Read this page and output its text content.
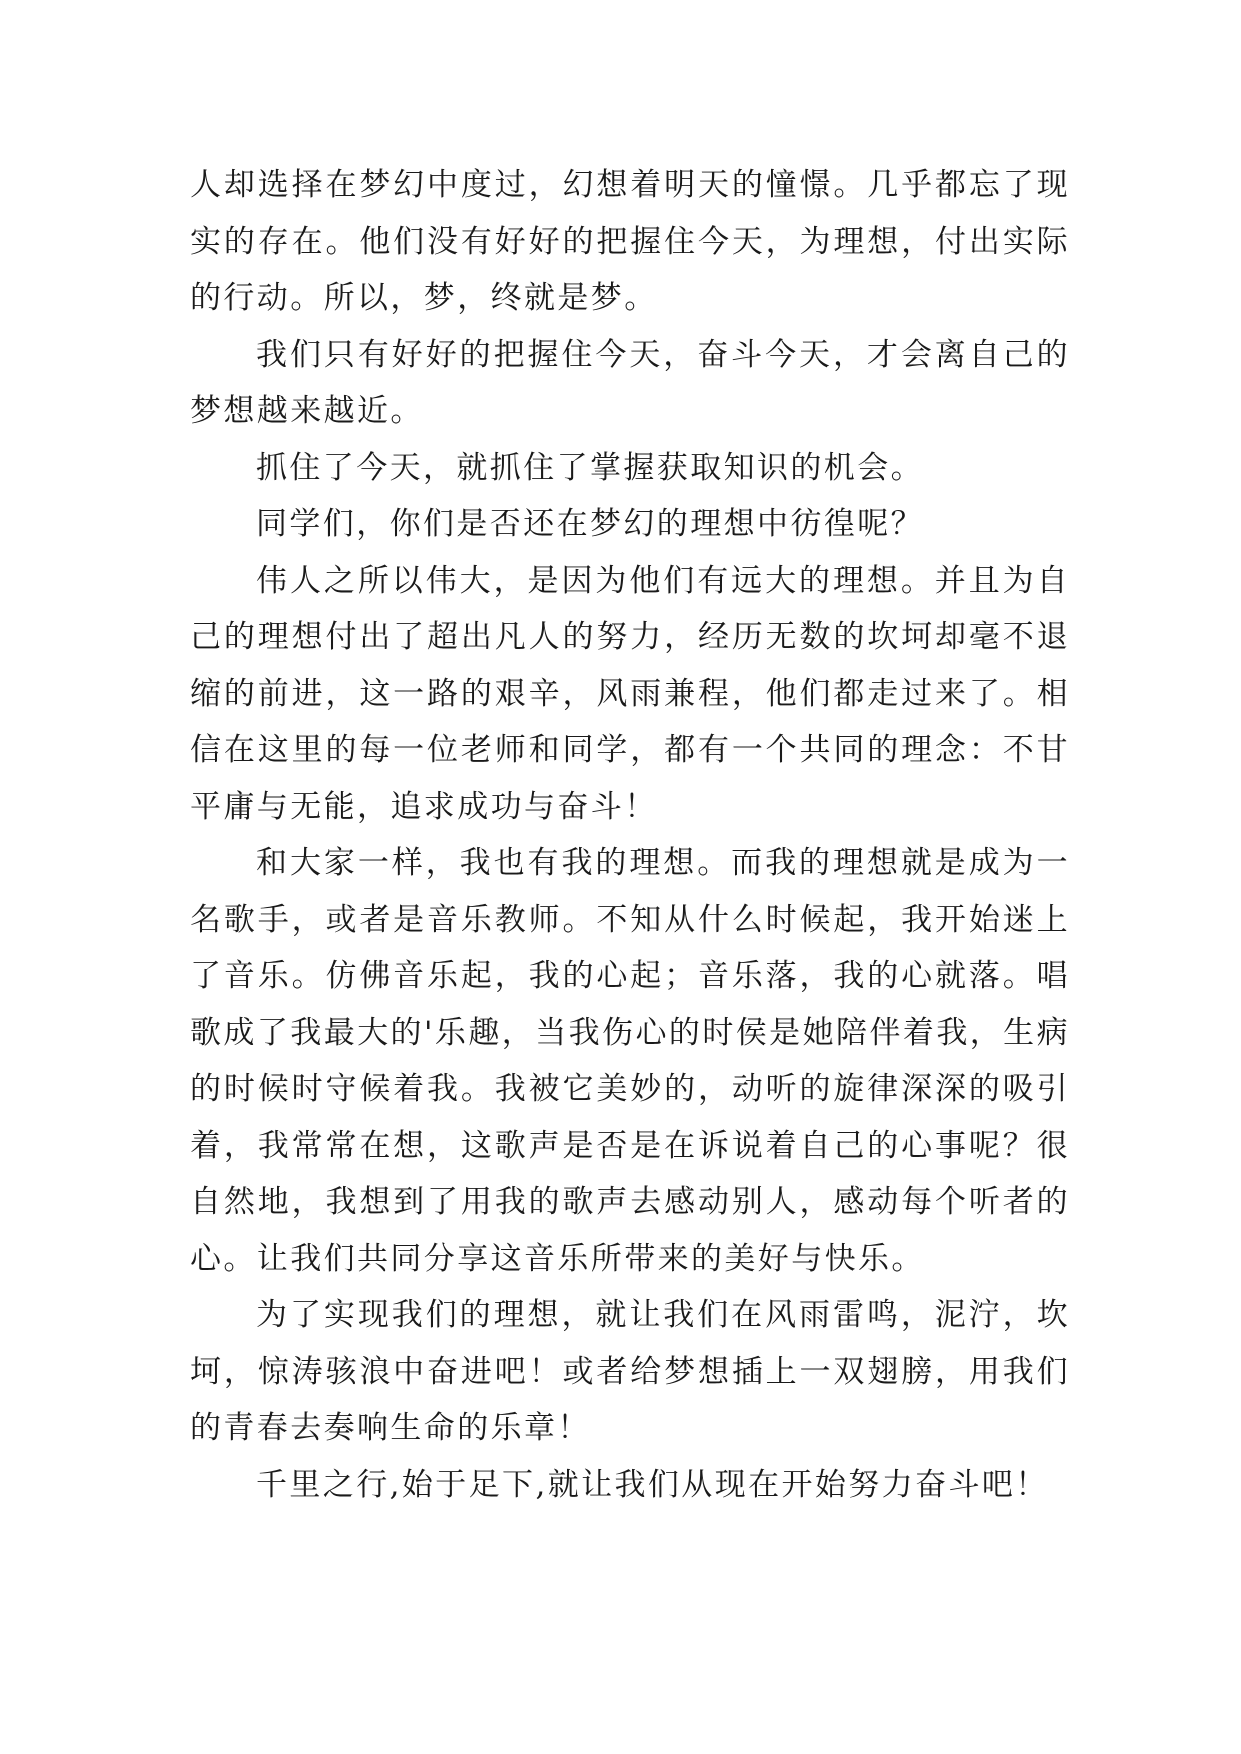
人却选择在梦幻中度过，幻想着明天的憧憬。几乎都忘了现实的存在。他们没有好好的把握住今天，为理想，付出实际的行动。所以，梦，终就是梦。

我们只有好好的把握住今天，奋斗今天，才会离自己的梦想越来越近。

抓住了今天，就抓住了掌握获取知识的机会。

同学们，你们是否还在梦幻的理想中彷徨呢？

伟人之所以伟大，是因为他们有远大的理想。并且为自己的理想付出了超出凡人的努力，经历无数的坎坷却毫不退缩的前进，这一路的艰辛，风雨兼程，他们都走过来了。相信在这里的每一位老师和同学，都有一个共同的理念：不甘平庸与无能，追求成功与奋斗！

和大家一样，我也有我的理想。而我的理想就是成为一名歌手，或者是音乐教师。不知从什么时候起，我开始迷上了音乐。仿佛音乐起，我的心起；音乐落，我的心就落。唱歌成了我最大的'乐趣，当我伤心的时侯是她陪伴着我，生病的时候时守候着我。我被它美妙的，动听的旋律深深的吸引着，我常常在想，这歌声是否是在诉说着自己的心事呢？很自然地，我想到了用我的歌声去感动别人，感动每个听者的心。让我们共同分享这音乐所带来的美好与快乐。

为了实现我们的理想，就让我们在风雨雷鸣，泥泞，坎坷，惊涛骇浪中奋进吧！或者给梦想插上一双翅膀，用我们的青春去奏响生命的乐章！

千里之行,始于足下,就让我们从现在开始努力奋斗吧！
